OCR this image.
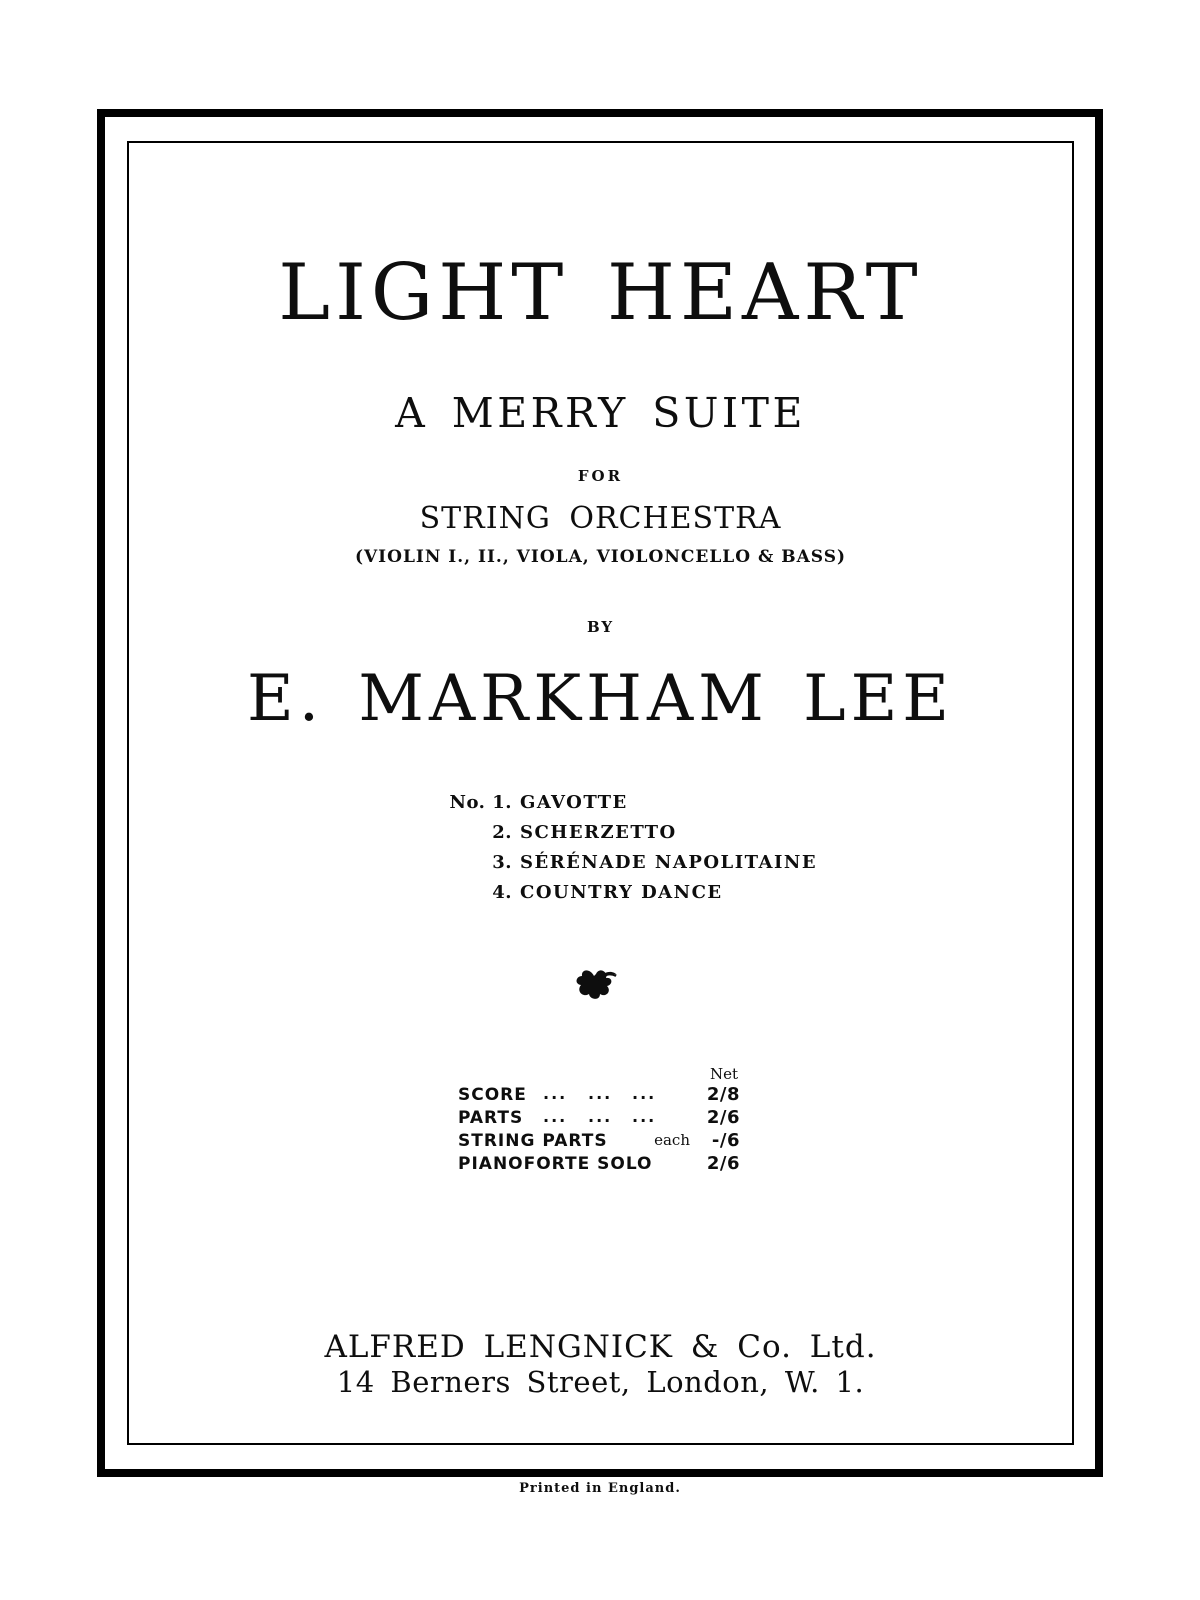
LIGHT HEART
A MERRY SUITE
FOR
STRING ORCHESTRA
(VIOLIN I., II., VIOLA, VIOLONCELLO & BASS)
BY
E. MARKHAM LEE
No. 1. GAVOTTE
2. SCHERZETTO
3. SÉRÉNADE NAPOLITAINE
4. COUNTRY DANCE
Net
SCORE ... ... ...	2/8
PARTS ... ... ...	2/6
STRING PARTS	each -/6
PIANOFORTE SOLO	2/6
ALFRED LENGNICK & Co. Ltd.
14 Berners Street, London, W. 1.
Printed in England.
